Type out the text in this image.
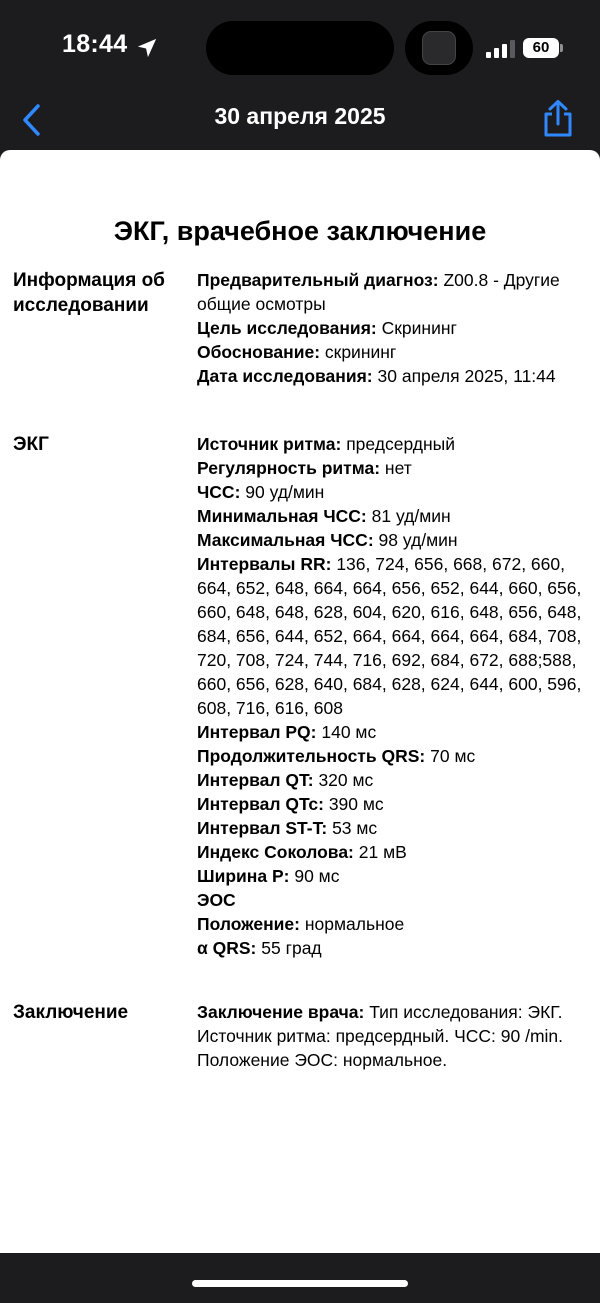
18:44	60
30 апреля 2025
ЭКГ, врачебное заключение
Информация об исследовании
Предварительный диагноз: Z00.8 - Другие общие осмотры
Цель исследования: Скрининг
Обоснование: скрининг
Дата исследования: 30 апреля 2025, 11:44
ЭКГ	Источник ритма: предсердный
Регулярность ритма: нет
ЧСС: 90 уд/мин
Минимальная ЧСС: 81 уд/мин
Максимальная ЧСС: 98 уд/мин
Интервалы RR: 136, 724, 656, 668, 672, 660, 664, 652, 648, 664, 664, 656, 652, 644, 660, 656, 660, 648, 648, 628, 604, 620, 616, 648, 656, 648, 684, 656, 644, 652, 664, 664, 664, 664, 684, 708, 720, 708, 724, 744, 716, 692, 684, 672, 688;588, 660, 656, 628, 640, 684, 628, 624, 644, 600, 596, 608, 716, 616, 608
Интервал PQ: 140 мс
Продолжительность QRS: 70 мс
Интервал QT: 320 мс
Интервал QTc: 390 мс
Интервал ST-T: 53 мс
Индекс Соколова: 21 мВ
Ширина P: 90 мс
ЭОС
Положение: нормальное
α QRS: 55 град
Заключение	Заключение врача: Тип исследования: ЭКГ. Источник ритма: предсердный. ЧСС: 90 /min. Положение ЭОС: нормальное.
